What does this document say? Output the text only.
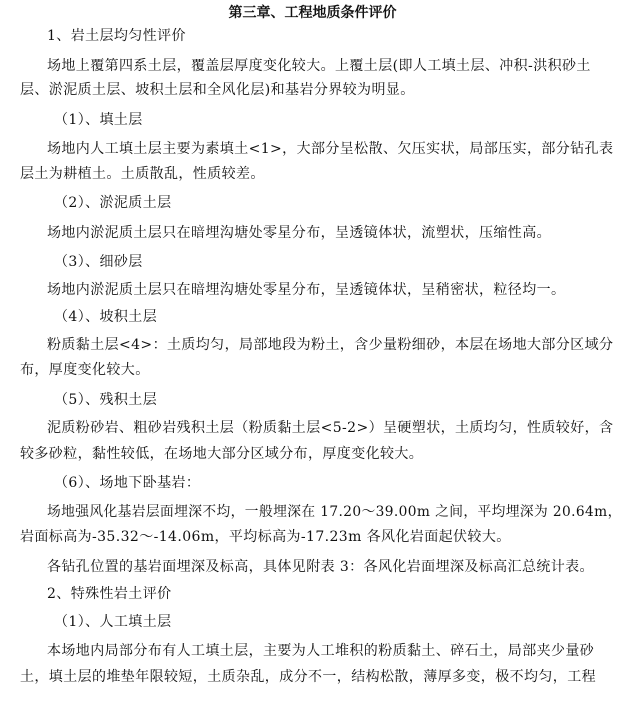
第三章、工程地质条件评价
1、岩土层均匀性评价
场地上覆第四系土层，覆盖层厚度变化较大。上覆土层(即人工填土层、冲积-洪积砂土
层、淤泥质土层、坡积土层和全风化层)和基岩分界较为明显。
（1）、填土层
场地内人工填土层主要为素填土<1>，大部分呈松散、欠压实状，局部压实，部分钻孔表
层土为耕植土。土质散乱，性质较差。
（2）、淤泥质土层
场地内淤泥质土层只在暗埋沟塘处零星分布，呈透镜体状，流塑状，压缩性高。
（3）、细砂层
场地内淤泥质土层只在暗埋沟塘处零星分布，呈透镜体状，呈稍密状，粒径均一。
（4）、坡积土层
粉质黏土层<4>：土质均匀，局部地段为粉土，含少量粉细砂，本层在场地大部分区域分
布，厚度变化较大。
（5）、残积土层
泥质粉砂岩、粗砂岩残积土层（粉质黏土层<5-2>）呈硬塑状，土质均匀，性质较好，含
较多砂粒，黏性较低，在场地大部分区域分布，厚度变化较大。
（6）、场地下卧基岩：
场地强风化基岩层面埋深不均，一般埋深在 17.20～39.00m 之间，平均埋深为 20.64m，
岩面标高为-35.32～-14.06m，平均标高为-17.23m 各风化岩面起伏较大。
各钻孔位置的基岩面埋深及标高，具体见附表 3：各风化岩面埋深及标高汇总统计表。
2、特殊性岩土评价
（1）、人工填土层
本场地内局部分布有人工填土层，主要为人工堆积的粉质黏土、碎石土，局部夹少量砂
土，填土层的堆垫年限较短，土质杂乱，成分不一，结构松散，薄厚多变，极不均匀，工程
